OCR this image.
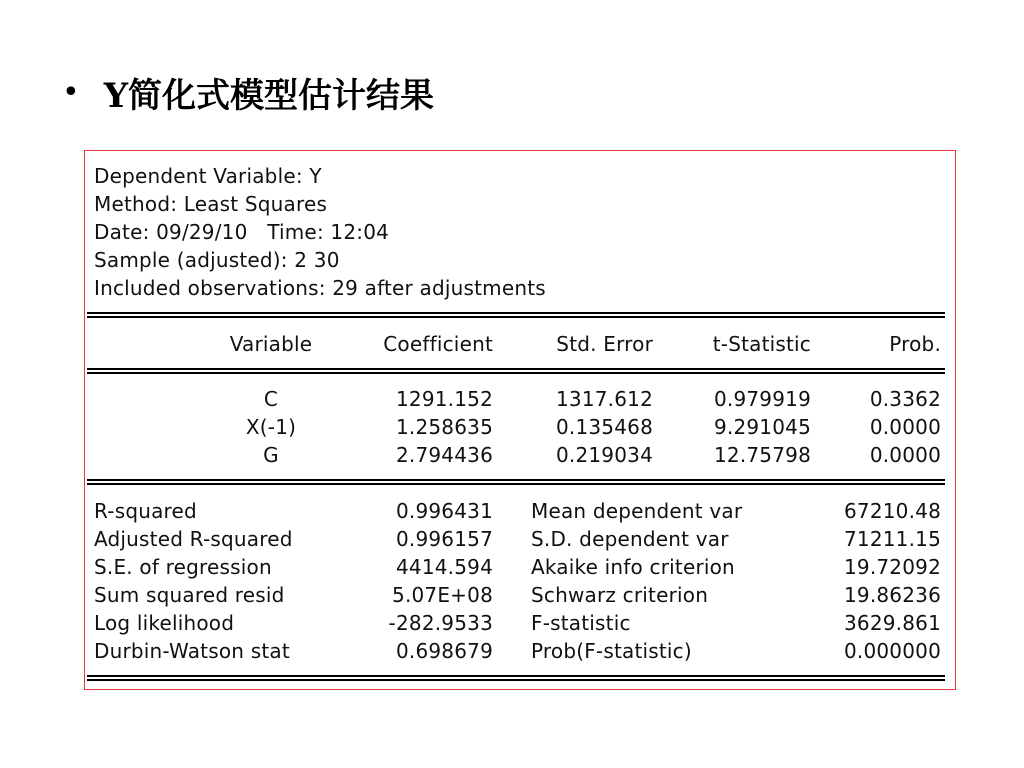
• Y简化式模型估计结果
Dependent Variable: Y
Method: Least Squares
Date: 09/29/10   Time: 12:04
Sample (adjusted): 2 30
Included observations: 29 after adjustments
Variable	Coefficient	Std. Error	t-Statistic	Prob.
C	1291.152	1317.612	0.979919	0.3362
X(-1)	1.258635	0.135468	9.291045	0.0000
G	2.794436	0.219034	12.75798	0.0000
R-squared	0.996431 Mean dependent var	67210.48
Adjusted R-squared	0.996157 S.D. dependent var	71211.15
S.E. of regression	4414.594 Akaike info criterion	19.72092
Sum squared resid	5.07E+08 Schwarz criterion	19.86236
Log likelihood	-282.9533 F-statistic	3629.861
Durbin-Watson stat	0.698679 Prob(F-statistic)	0.000000
